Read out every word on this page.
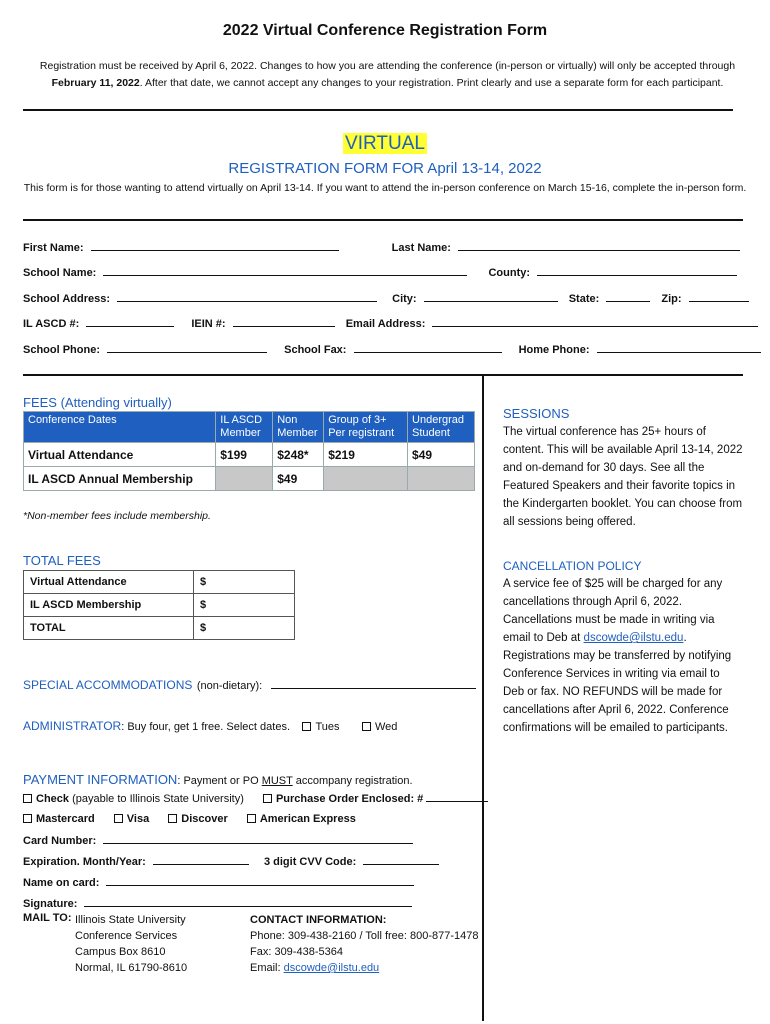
2022 Virtual Conference Registration Form
Registration must be received by April 6, 2022. Changes to how you are attending the conference (in-person or virtually) will only be accepted through February 11, 2022. After that date, we cannot accept any changes to your registration. Print clearly and use a separate form for each participant.
VIRTUAL
REGISTRATION FORM FOR April 13-14, 2022
This form is for those wanting to attend virtually on April 13-14. If you want to attend the in-person conference on March 15-16, complete the in-person form.
First Name:	Last Name:
School Name:	County:
School Address:	City:	State:	Zip:
IL ASCD #:	IEIN #:	Email Address:
School Phone:	School Fax:	Home Phone:
FEES (Attending virtually)
Conference Dates	IL ASCD Member	Non Member	Group of 3+ Per registrant	Undergrad Student
Virtual Attendance	$199	$248*	$219	$49
IL ASCD Annual Membership		$49		
*Non-member fees include membership.
TOTAL FEES
Virtual Attendance	$
IL ASCD Membership	$
TOTAL	$
SPECIAL ACCOMMODATIONS (non-dietary):
ADMINISTRATOR: Buy four, get 1 free. Select dates. Tues	Wed
PAYMENT INFORMATION: Payment or PO MUST accompany registration.
Check (payable to Illinois State University)	Purchase Order Enclosed: #
Mastercard	Visa	Discover	American Express
Card Number:
Expiration. Month/Year:	3 digit CVV Code:
Name on card:
Signature:
MAIL TO: Illinois State University
Conference Services
Campus Box 8610
Normal, IL 61790-8610
CONTACT INFORMATION:
Phone: 309-438-2160 / Toll free: 800-877-1478
Fax: 309-438-5364
Email: dscowde@ilstu.edu
SESSIONS
The virtual conference has 25+ hours of content. This will be available April 13-14, 2022 and on-demand for 30 days. See all the Featured Speakers and their favorite topics in the Kindergarten booklet. You can choose from all sessions being offered.
CANCELLATION POLICY
A service fee of $25 will be charged for any cancellations through April 6, 2022. Cancellations must be made in writing via email to Deb at dscowde@ilstu.edu. Registrations may be transferred by notifying Conference Services in writing via email to Deb or fax. NO REFUNDS will be made for cancellations after April 6, 2022. Conference confirmations will be emailed to participants.
